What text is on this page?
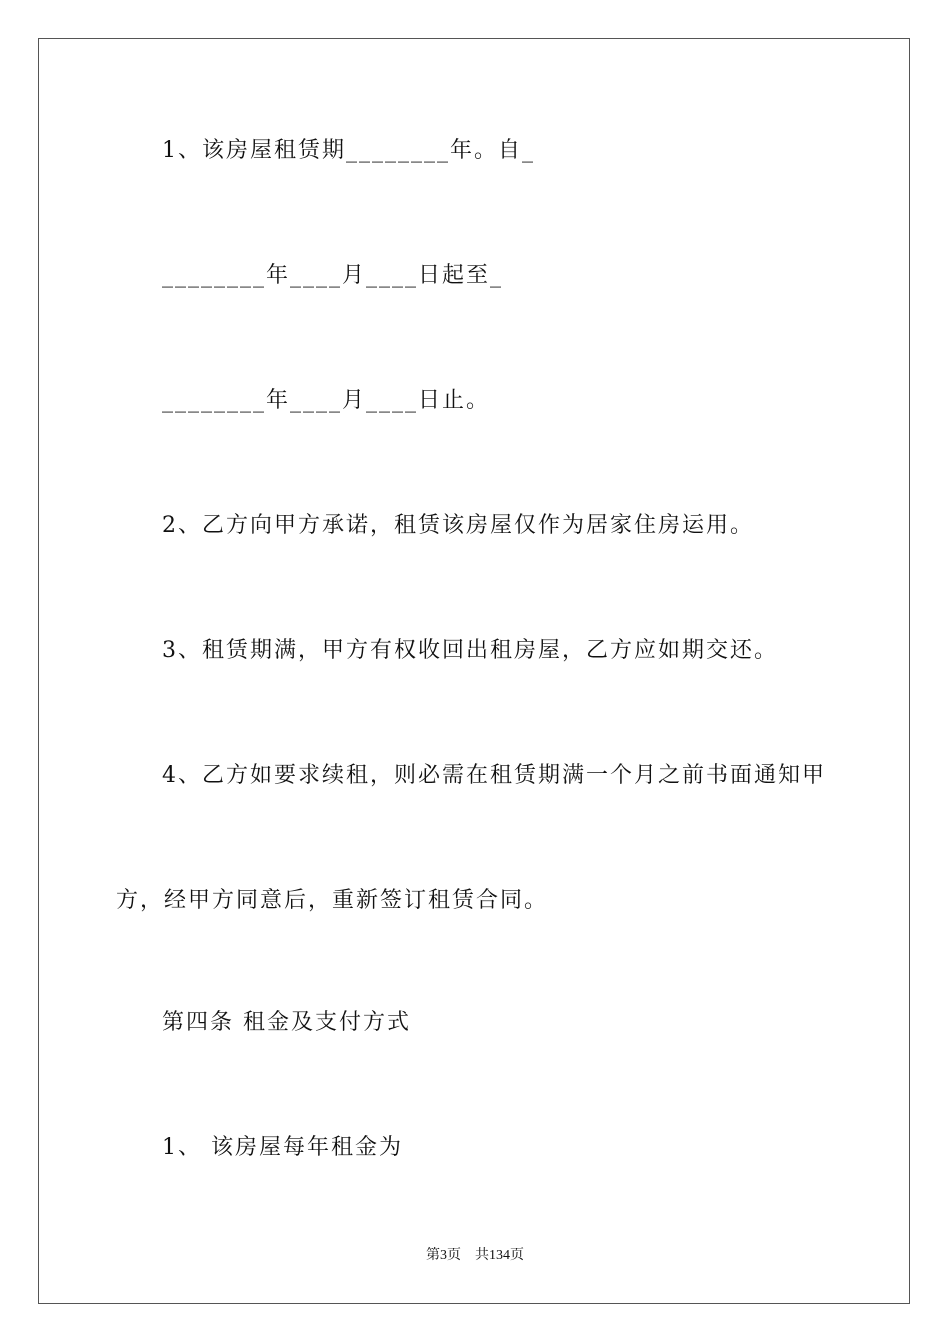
1、该房屋租赁期________年。自_
________年____月____日起至_
________年____月____日止。
2、乙方向甲方承诺，租赁该房屋仅作为居家住房运用。
3、租赁期满，甲方有权收回出租房屋，乙方应如期交还。
4、乙方如要求续租，则必需在租赁期满一个月之前书面通知甲
方，经甲方同意后，重新签订租赁合同。
第四条 租金及支付方式
1、 该房屋每年租金为
第3页 共134页
